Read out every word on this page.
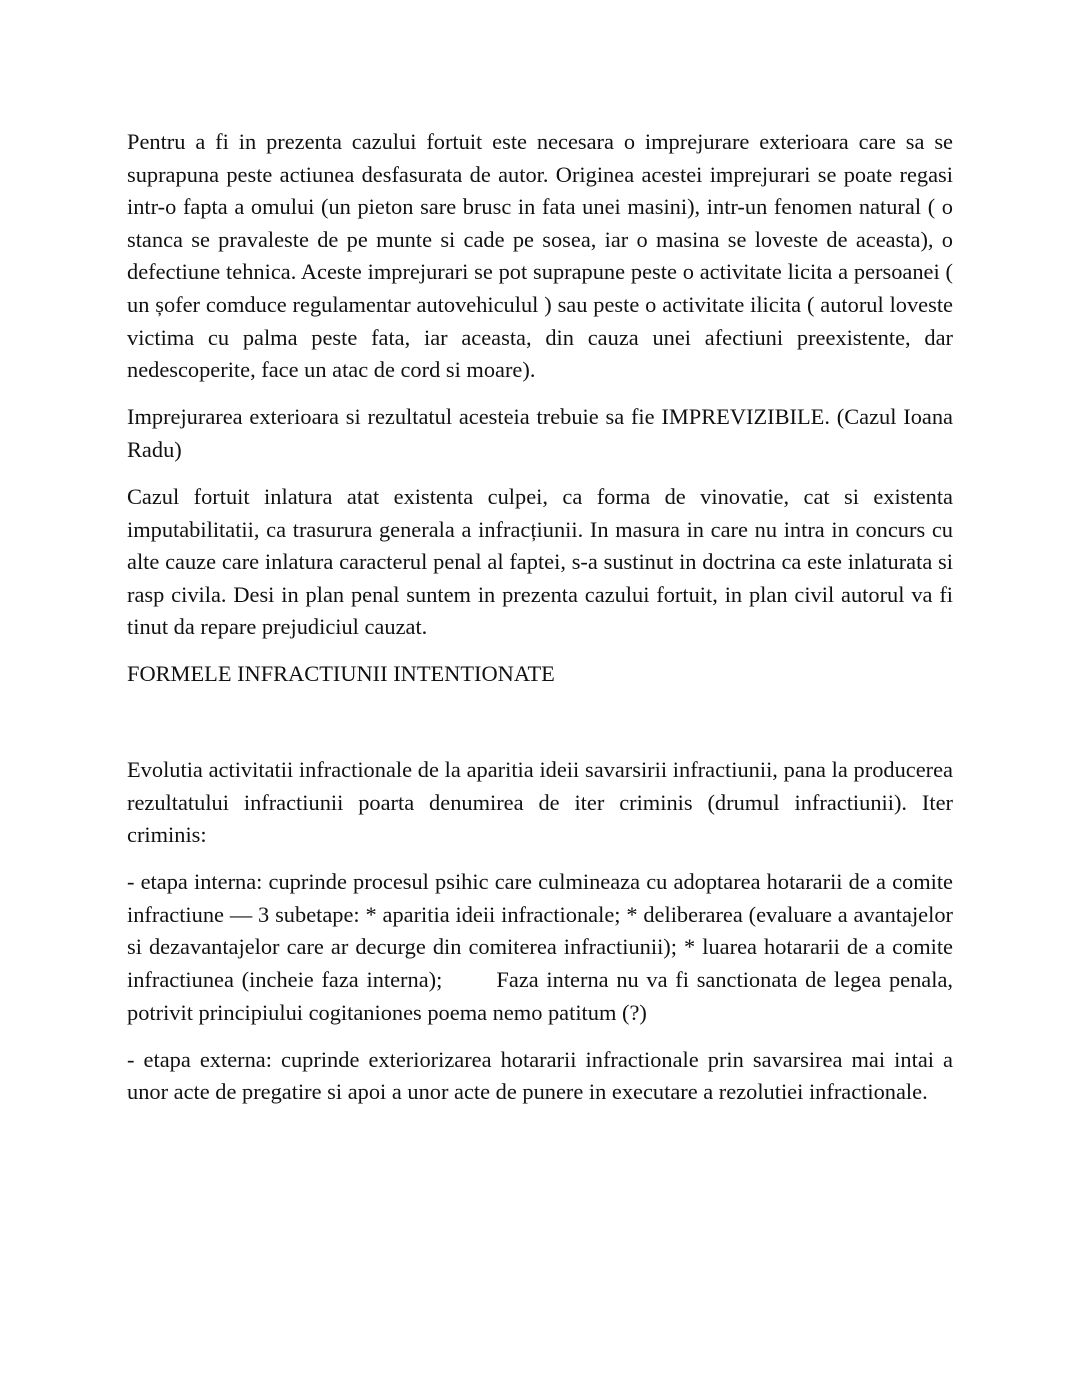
Pentru a fi in prezenta cazului fortuit este necesara o imprejurare exterioara care sa se suprapuna peste actiunea desfasurata de autor. Originea acestei imprejurari se poate regasi intr-o fapta a omului (un pieton sare brusc in fata unei masini), intr-un fenomen natural ( o stanca se pravaleste de pe munte si cade pe sosea, iar o masina se loveste de aceasta), o defectiune tehnica. Aceste imprejurari se pot suprapune peste o activitate licita a persoanei ( un șofer comduce regulamentar autovehiculul ) sau peste o activitate ilicita ( autorul loveste victima cu palma peste fata, iar aceasta, din cauza unei afectiuni preexistente, dar nedescoperite, face un atac de cord si moare).

Imprejurarea exterioara si rezultatul acesteia trebuie sa fie IMPREVIZIBILE. (Cazul Ioana Radu)

Cazul fortuit inlatura atat existenta culpei, ca forma de vinovatie, cat si existenta imputabilitatii, ca trasurura generala a infracțiunii. In masura in care nu intra in concurs cu alte cauze care inlatura caracterul penal al faptei, s-a sustinut in doctrina ca este inlaturata si rasp civila. Desi in plan penal suntem in prezenta cazului fortuit, in plan civil autorul va fi tinut da repare prejudiciul cauzat.

FORMELE INFRACTIUNII INTENTIONATE

Evolutia activitatii infractionale de la aparitia ideii savarsirii infractiunii, pana la producerea rezultatului infractiunii poarta denumirea de iter criminis (drumul infractiunii). Iter criminis:

- etapa interna: cuprinde procesul psihic care culmineaza cu adoptarea hotararii de a comite infractiune — 3 subetape: * aparitia ideii infractionale; * deliberarea (evaluare a avantajelor si dezavantajelor care ar decurge din comiterea infractiunii); * luarea hotararii de a comite infractiunea (incheie faza interna);       Faza interna nu va fi sanctionata de legea penala, potrivit principiului cogitaniones poema nemo patitum (?)

- etapa externa: cuprinde exteriorizarea hotararii infractionale prin savarsirea mai intai a unor acte de pregatire si apoi a unor acte de punere in executare a rezolutiei infractionale.
